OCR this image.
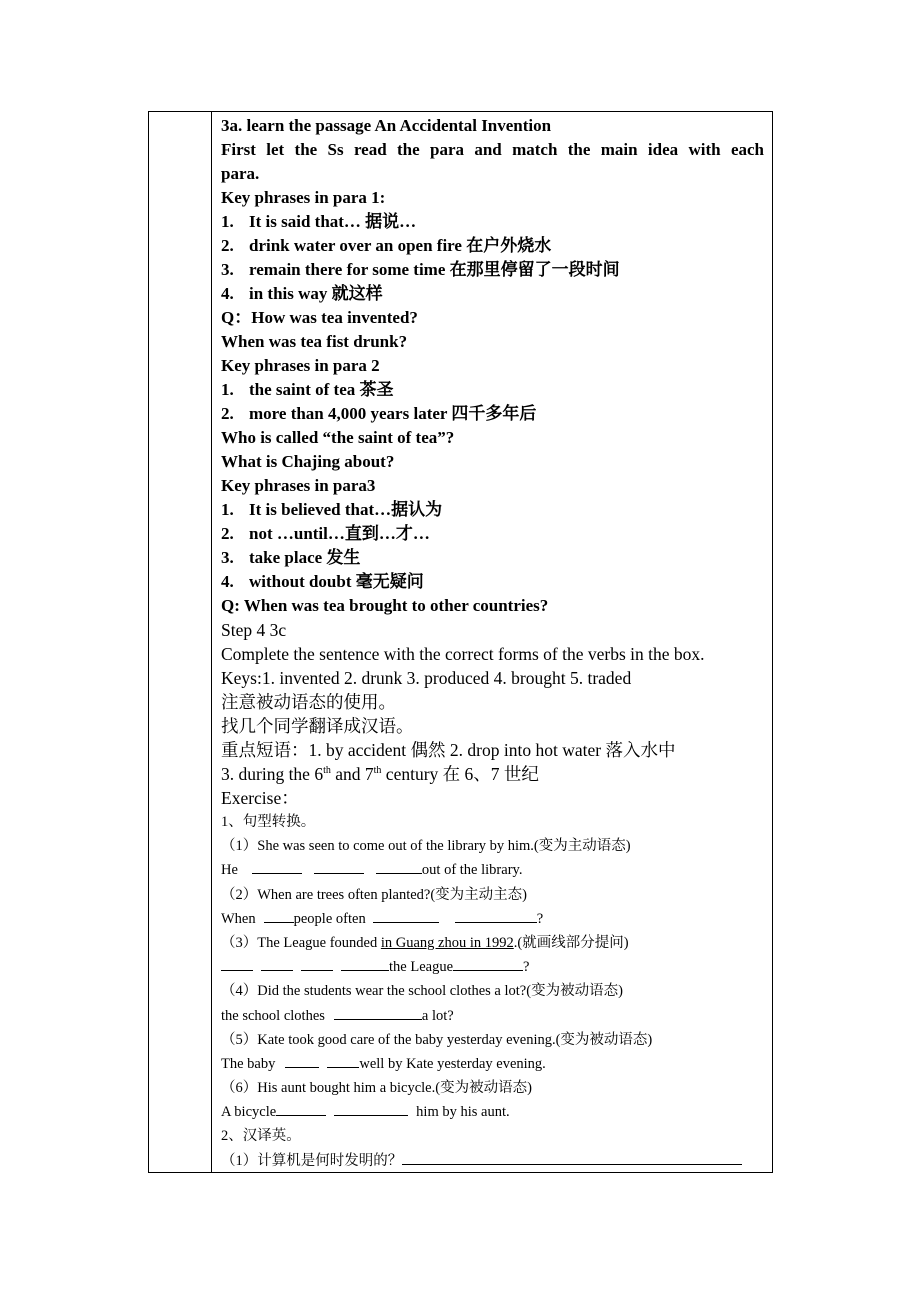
3a. learn the passage An Accidental Invention
First let the Ss read the para and match the main idea with each
para.
Key phrases in para 1:
1. It is said that… 据说…
2. drink water over an open fire 在户外烧水
3. remain there for some time 在那里停留了一段时间
4. in this way 就这样
Q：How was tea invented?
When was tea fist drunk?
Key phrases in para 2
1. the saint of tea 茶圣
2. more than 4,000 years later 四千多年后
Who is called “the saint of tea”?
What is Chajing about?
Key phrases in para3
1. It is believed that…据认为
2. not …until…直到…才…
3. take place 发生
4. without doubt 毫无疑问
Q: When was tea brought to other countries?
Step 4 3c
Complete the sentence with the correct forms of the verbs in the box.
Keys:1. invented 2. drunk 3. produced 4. brought 5. traded
注意被动语态的使用。
找几个同学翻译成汉语。
重点短语：1. by accident 偶然 2. drop into hot water 落入水中
3. during the 6th and 7th century 在 6、7 世纪
Exercise：
1、句型转换。
（1）She was seen to come out of the library by him.(变为主动语态)
He	out of the library.
（2）When are trees often planted?(变为主动主态)
When	people often	?
（3）The League founded in Guang zhou in 1992.(就画线部分提问)
the League	?
（4）Did the students wear the school clothes a lot?(变为被动语态)
the school clothes	a lot?
（5）Kate took good care of the baby yesterday evening.(变为被动语态)
The baby	well by Kate yesterday evening.
（6）His aunt bought him a bicycle.(变为被动语态)
A bicycle	him by his aunt.
2、汉译英。
（1）计算机是何时发明的？
